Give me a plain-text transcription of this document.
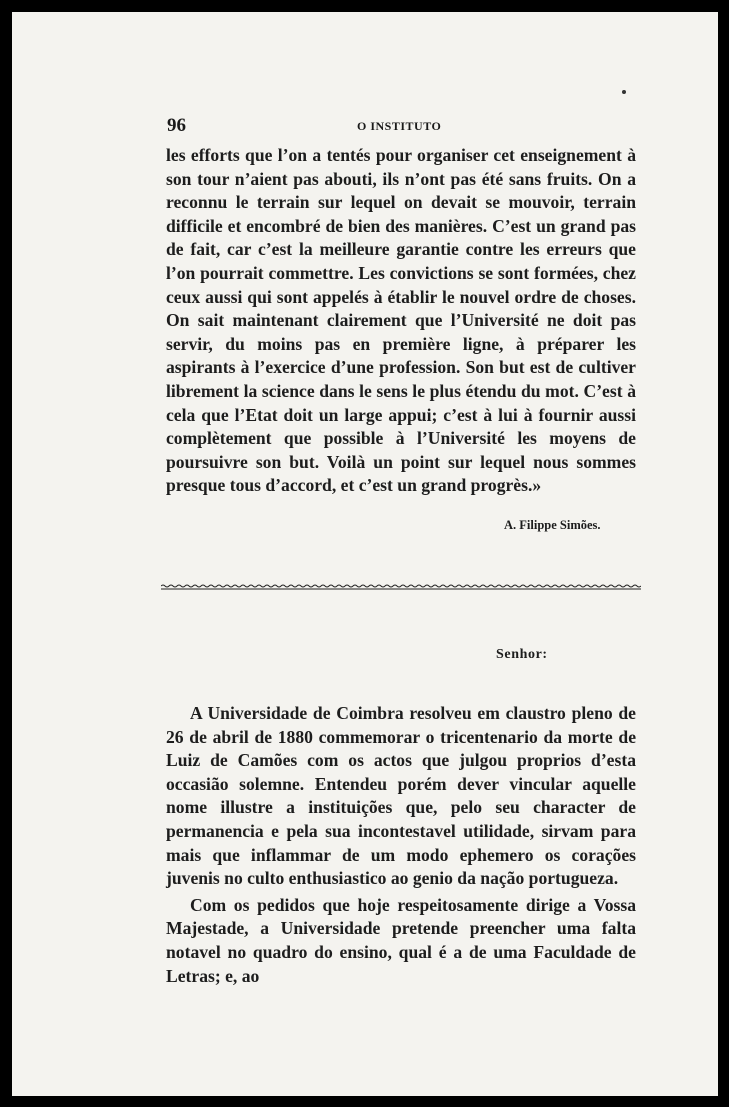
96	O INSTITUTO

les efforts que l’on a tentés pour organiser cet enseignement à son tour n’aient pas abouti, ils n’ont pas été sans fruits. On a reconnu le terrain sur lequel on devait se mouvoir, terrain difficile et encombré de bien des manières. C’est un grand pas de fait, car c’est la meilleure garantie contre les erreurs que l’on pourrait commettre. Les convictions se sont formées, chez ceux aussi qui sont appelés à établir le nouvel ordre de choses. On sait maintenant clairement que l’Université ne doit pas servir, du moins pas en première ligne, à préparer les aspirants à l’exercice d’une profession. Son but est de cultiver librement la science dans le sens le plus étendu du mot. C’est à cela que l’Etat doit un large appui; c’est à lui à fournir aussi complètement que possible à l’Université les moyens de poursuivre son but. Voilà un point sur lequel nous sommes presque tous d’accord, et c’est un grand progrès.»

A. Filippe Simões.
Senhor:

A Universidade de Coimbra resolveu em claustro pleno de 26 de abril de 1880 commemorar o tricentenario da morte de Luiz de Camões com os actos que julgou proprios d’esta occasião solemne. Entendeu porém dever vincular aquelle nome illustre a instituições que, pelo seu character de permanencia e pela sua incontestavel utilidade, sirvam para mais que inflammar de um modo ephemero os corações juvenis no culto enthusiastico ao genio da nação portugueza.

Com os pedidos que hoje respeitosamente dirige a Vossa Majestade, a Universidade pretende preencher uma falta notavel no quadro do ensino, qual é a de uma Faculdade de Letras; e, ao
